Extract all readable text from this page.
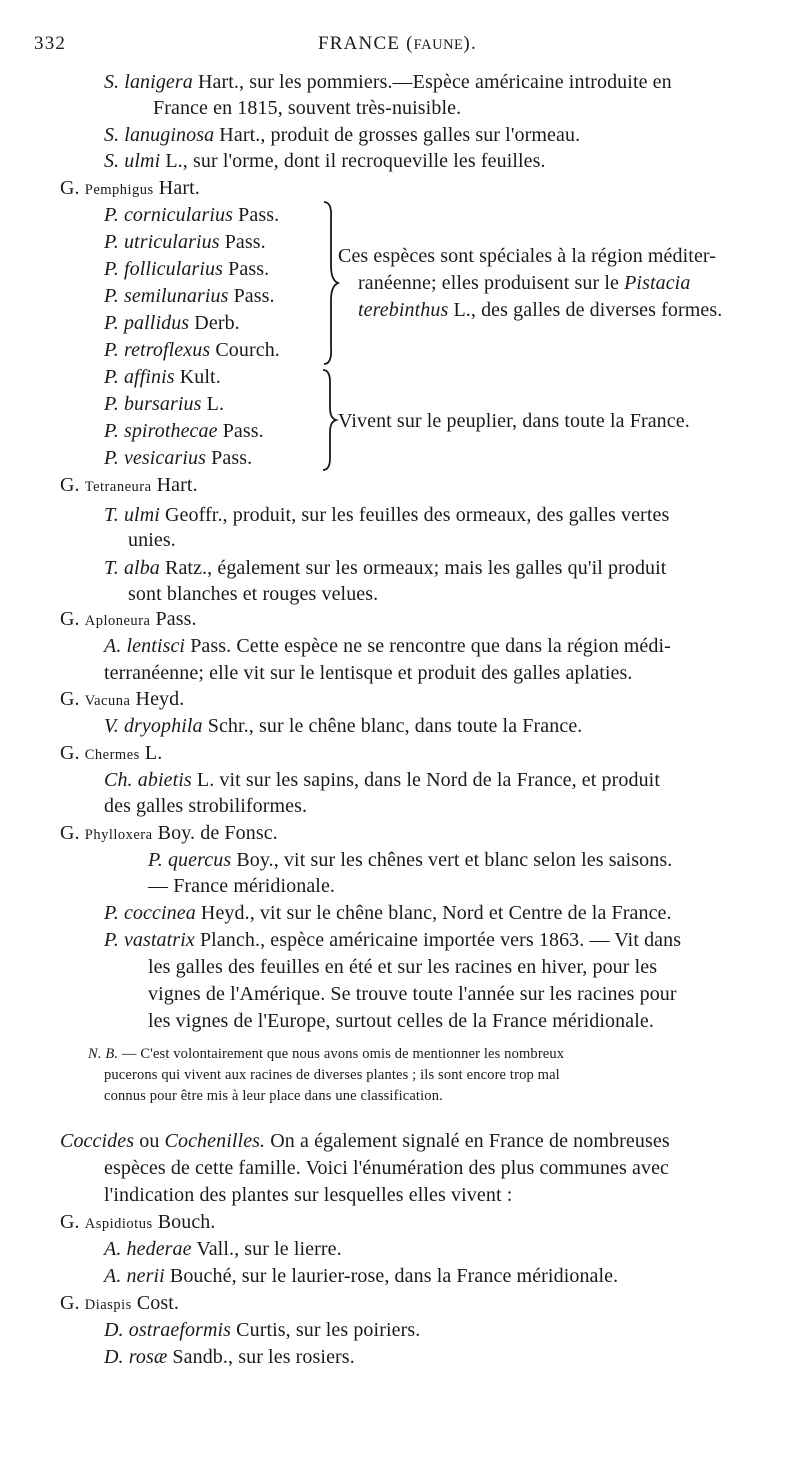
332	FRANCE (FAUNE).
S. lanigera Hart., sur les pommiers.—Espèce américaine introduite en
France en 1815, souvent très-nuisible.
S. lanuginosa Hart., produit de grosses galles sur l'ormeau.
S. ulmi L., sur l'orme, dont il recroqueville les feuilles.
G. Pemphigus Hart.
P. cornicularius Pass.
P. utricularius Pass.
P. follicularius Pass.
P. semilunarius Pass.
P. pallidus Derb.
P. retroflexus Courch.
Ces espèces sont spéciales à la région méditer-
ranéenne; elles produisent sur le Pistacia
terebinthus L., des galles de diverses formes.
P. affinis Kult.
P. bursarius L.
P. spirothecae Pass.
P. vesicarius Pass.
Vivent sur le peuplier, dans toute la France.
G. Tetraneura Hart.
T. ulmi Geoffr., produit, sur les feuilles des ormeaux, des galles vertes
unies.
T. alba Ratz., également sur les ormeaux; mais les galles qu'il produit
sont blanches et rouges velues.
G. Aploneura Pass.
A. lentisci Pass. Cette espèce ne se rencontre que dans la région médi-
terranéenne; elle vit sur le lentisque et produit des galles aplaties.
G. Vacuna Heyd.
V. dryophila Schr., sur le chêne blanc, dans toute la France.
G. Chermes L.
Ch. abietis L. vit sur les sapins, dans le Nord de la France, et produit
des galles strobiliformes.
G. Phylloxera Boy. de Fonsc.
P. quercus Boy., vit sur les chênes vert et blanc selon les saisons.
— France méridionale.
P. coccinea Heyd., vit sur le chêne blanc, Nord et Centre de la France.
P. vastatrix Planch., espèce américaine importée vers 1863. — Vit dans
les galles des feuilles en été et sur les racines en hiver, pour les
vignes de l'Amérique. Se trouve toute l'année sur les racines pour
les vignes de l'Europe, surtout celles de la France méridionale.
N. B. — C'est volontairement que nous avons omis de mentionner les nombreux
pucerons qui vivent aux racines de diverses plantes ; ils sont encore trop mal
connus pour être mis à leur place dans une classification.
Coccides ou Cochenilles. On a également signalé en France de nombreuses
espèces de cette famille. Voici l'énumération des plus communes avec
l'indication des plantes sur lesquelles elles vivent :
G. Aspidiotus Bouch.
A. hederae Vall., sur le lierre.
A. nerii Bouché, sur le laurier-rose, dans la France méridionale.
G. Diaspis Cost.
D. ostraeformis Curtis, sur les poiriers.
D. rosæ Sandb., sur les rosiers.
